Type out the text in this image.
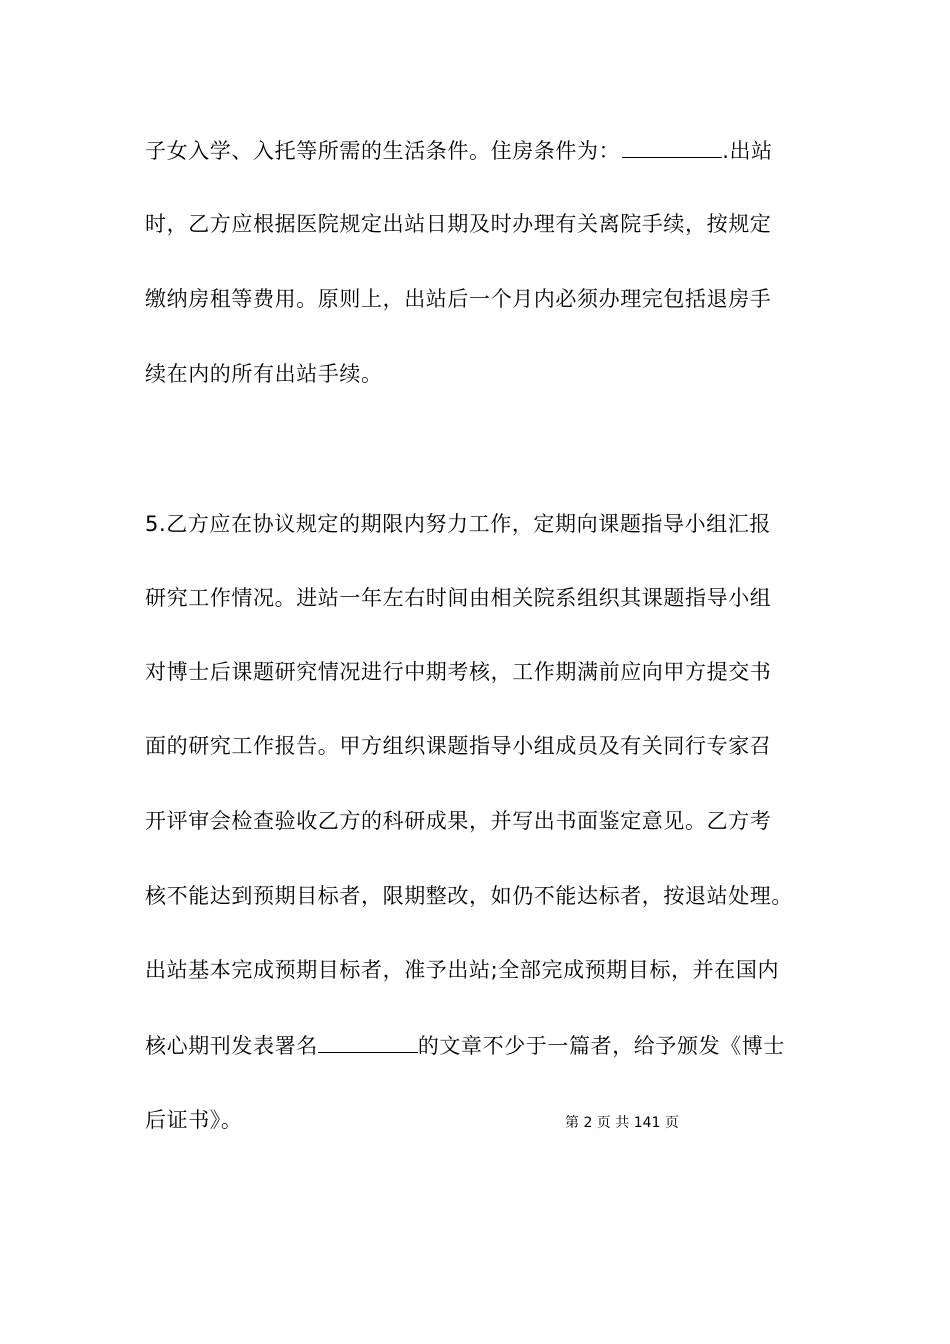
子女入学、入托等所需的生活条件。住房条件为：	.出站
时，乙方应根据医院规定出站日期及时办理有关离院手续，按规定
缴纳房租等费用。原则上，出站后一个月内必须办理完包括退房手
续在内的所有出站手续。
5.乙方应在协议规定的期限内努力工作，定期向课题指导小组汇报
研究工作情况。进站一年左右时间由相关院系组织其课题指导小组
对博士后课题研究情况进行中期考核，工作期满前应向甲方提交书
面的研究工作报告。甲方组织课题指导小组成员及有关同行专家召
开评审会检查验收乙方的科研成果，并写出书面鉴定意见。乙方考
核不能达到预期目标者，限期整改，如仍不能达标者，按退站处理。
出站基本完成预期目标者，准予出站;全部完成预期目标，并在国内
核心期刊发表署名	的文章不少于一篇者，给予颁发《博士
后证书》。	第 2 页 共 141 页
